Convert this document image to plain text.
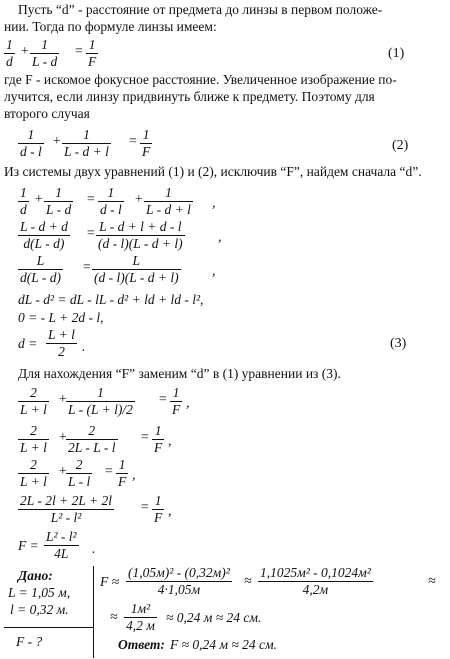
Пусть “d” - расстояние от предмета до линзы в первом положе-
нии. Тогда по формуле линзы имеем:
1
d
+ 1
L - d
= 1
F
(1)
где F - искомое фокусное расстояние. Увеличенное изображение по-
лучится, если линзу придвинуть ближе к предмету. Поэтому для
второго случая
1
d - l
+ 1
L - d + l
= 1
F	(2)
Из системы двух уравнений (1) и (2), исключив “F”, найдем сначала “d”.
1
d
+ 1
L - d
= 1
d - l
+ 1
L - d + l ,
L - d + d
d(L - d)
= L - d + l + d - l
(d - l)(L - d + l)	,
L
d(L - d)
=	L
(d - l)(L - d + l) ,
dL - d² = dL - lL - d² + ld + ld - l²,
0 = - L + 2d - l,
d =
L + l
2 .	(3)
Для нахождения “F” заменим “d” в (1) уравнении из (3).
2
L + l
+ 1
L - (L + l)/2
= 1
F ,
2
L + l
+ 2
2L - L - l
= 1
F ,
2
L + l
+ 2
L - l
= 1
F ,
2L - 2l + 2L + 2l
L² - l²
= 1
F ,
F =
L² - l²
4L .
Дано:
L = 1,05 м,
l = 0,32 м.
F - ?
F ≈
(1,05м)² - (0,32м)²
4·1,05м
≈
1,1025м² - 0,1024м²
4,2м
≈
≈
1м²
4,2 м
≈ 0,24 м ≈ 24 см.
Ответ: F ≈ 0,24 м ≈ 24 см.
